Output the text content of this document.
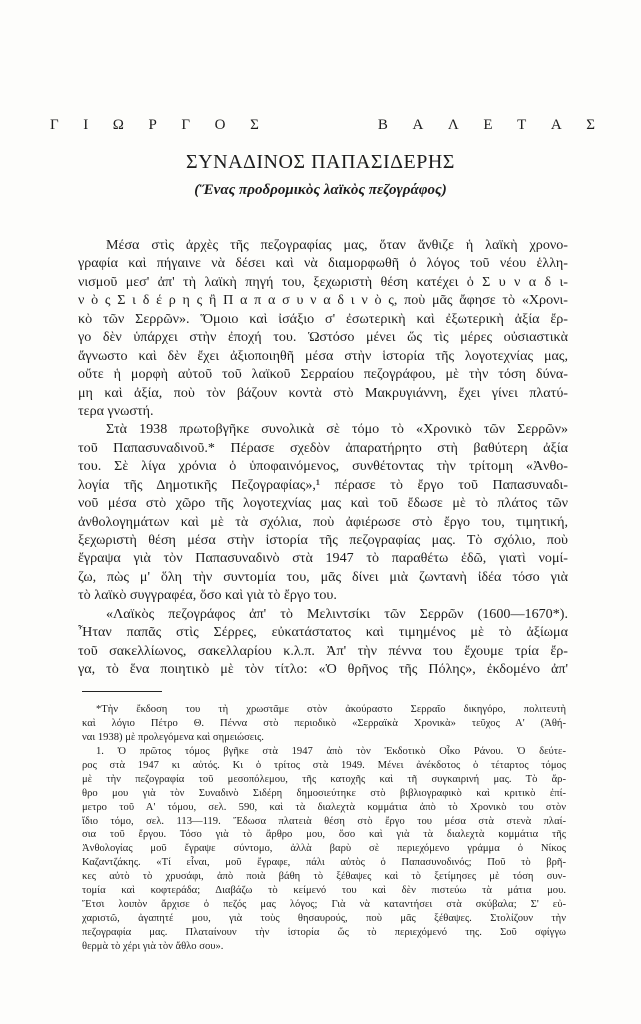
Γ Ι Ω Ρ Γ Ο Σ	Β Α Λ Ε Τ Α Σ
ΣΥΝΑΔΙΝΟΣ ΠΑΠΑΣΙΔΕΡΗΣ
(Ἕνας προδρομικὸς λαϊκὸς πεζογράφος)
Μέσα στὶς ἀρχὲς τῆς πεζογραφίας μας, ὅταν ἄνθιζε ἡ λαϊκὴ χρονο-
γραφία καὶ πήγαινε νὰ δέσει καὶ νὰ διαμορφωθῆ ὁ λόγος τοῦ νέου ἑλλη-
νισμοῦ μεσ' ἀπ' τὴ λαϊκὴ πηγή του, ξεχωριστὴ θέση κατέχει ὁ Σ υ ν α δ ι-
ν ὸ ς Σ ι δ έ ρ η ς ἢ Π α π α σ υ ν α δ ι ν ὸ ς, ποὺ μᾶς ἄφησε τὸ «Χρονι-
κὸ τῶν Σερρῶν». Ὅμοιο καὶ ἰσάξιο σ' ἐσωτερικὴ καὶ ἐξωτερικὴ ἀξία ἔρ-
γο δὲν ὑπάρχει στὴν ἐποχή του. Ὡστόσο μένει ὥς τὶς μέρες οὐσιαστικὰ
ἄγνωστο καὶ δὲν ἔχει ἀξιοποιηθῆ μέσα στὴν ἱστορία τῆς λογοτεχνίας μας,
οὔτε ἡ μορφὴ αὐτοῦ τοῦ λαϊκοῦ Σερραίου πεζογράφου, μὲ τὴν τόση δύνα-
μη καὶ ἀξία, ποὺ τὸν βάζουν κοντὰ στὸ Μακρυγιάννη, ἔχει γίνει πλατύ-
τερα γνωστή.
Στὰ 1938 πρωτοβγῆκε συνολικὰ σὲ τόμο τὸ «Χρονικὸ τῶν Σερρῶν»
τοῦ Παπασυναδινοῦ.* Πέρασε σχεδὸν ἀπαρατήρητο στὴ βαθύτερη ἀξία
του. Σὲ λίγα χρόνια ὁ ὑποφαινόμενος, συνθέτοντας τὴν τρίτομη «Ἀνθο-
λογία τῆς Δημοτικῆς Πεζογραφίας»,¹ πέρασε τὸ ἔργο τοῦ Παπασυναδι-
νοῦ μέσα στὸ χῶρο τῆς λογοτεχνίας μας καὶ τοῦ ἔδωσε μὲ τὸ πλάτος τῶν
ἀνθολογημάτων καὶ μὲ τὰ σχόλια, ποὺ ἀφιέρωσε στὸ ἔργο του, τιμητική,
ξεχωριστὴ θέση μέσα στὴν ἱστορία τῆς πεζογραφίας μας. Τὸ σχόλιο, ποὺ
ἔγραψα γιὰ τὸν Παπασυναδινὸ στὰ 1947 τὸ παραθέτω ἐδῶ, γιατὶ νομί-
ζω, πὼς μ' ὅλη τὴν συντομία του, μᾶς δίνει μιὰ ζωντανὴ ἰδέα τόσο γιὰ
τὸ λαϊκὸ συγγραφέα, ὅσο καὶ γιὰ τὸ ἔργο του.
«Λαϊκὸς πεζογράφος ἀπ' τὸ Μελιντσίκι τῶν Σερρῶν (1600—1670*).
Ἦταν παπᾶς στὶς Σέρρες, εὐκατάστατος καὶ τιμημένος μὲ τὸ ἀξίωμα
τοῦ σακελλίωνος, σακελλαρίου κ.λ.π. Ἀπ' τὴν πέννα του ἔχουμε τρία ἔρ-
γα, τὸ ἕνα ποιητικὸ μὲ τὸν τίτλο: «Ὁ θρῆνος τῆς Πόλης», ἐκδομένο ἀπ'
*Τὴν ἔκδοση του τὴ χρωστᾶμε στὸν ἀκούραστο Σερραῖο δικηγόρο, πολιτευτὴ
καὶ λόγιο Πέτρο Θ. Πέννα στὸ περιοδικὸ «Σερραϊκὰ Χρονικὰ» τεῦχος Α' (Ἀθή-
ναι 1938) μὲ προλεγόμενα καὶ σημειώσεις.
1. Ὁ πρῶτος τόμος βγῆκε στὰ 1947 ἀπὸ τὸν Ἐκδοτικὸ Οἶκο Ράνου. Ὁ δεύτε-
ρος στὰ 1947 κι αὐτός. Κι ὁ τρίτος στὰ 1949. Μένει ἀνέκδοτος ὁ τέταρτος τόμος
μὲ τὴν πεζογραφία τοῦ μεσοπόλεμου, τῆς κατοχῆς καὶ τῆ συγκαιρινή μας. Τὸ ἄρ-
θρο μου γιὰ τὸν Συναδινὸ Σιδέρη δημοσιεύτηκε στὸ βιβλιογραφικὸ καὶ κριτικὸ ἐπί-
μετρο τοῦ Α' τόμου, σελ. 590, καὶ τὰ διαλεχτὰ κομμάτια ἀπὸ τὸ Χρονικὸ του στὸν
ἴδιο τόμο, σελ. 113—119. Ἔδωσα πλατειὰ θέση στὸ ἔργο του μέσα στὰ στενὰ πλαί-
σια τοῦ ἔργου. Τόσο γιὰ τὸ ἄρθρο μου, ὅσο καὶ γιὰ τὰ διαλεχτὰ κομμάτια τῆς
Ἀνθολογίας μοῦ ἔγραψε σύντομο, ἀλλὰ βαρὺ σὲ περιεχόμενο γράμμα ὁ Νίκος
Καζαντζάκης. «Τί εἶναι, μοῦ ἔγραφε, πάλι αὐτὸς ὁ Παπασυνοδινός; Ποῦ τὸ βρῆ-
κες αὐτὸ τὸ χρυσάφι, ἀπὸ ποιὰ βάθη τὸ ξέθαψες καὶ τὸ ξετίμησες μὲ τόση συν-
τομία καὶ κοφτεράδα; Διαβάζω τὸ κείμενό του καὶ δὲν πιστεύω τὰ μάτια μου.
Ἔτσι λοιπὸν ἄρχισε ὁ πεζός μας λόγος; Γιὰ νὰ καταντήσει στὰ σκύβαλα; Σ' εὐ-
χαριστῶ, ἀγαπητέ μου, γιὰ τοὺς θησαυρούς, ποὺ μᾶς ξέθαψες. Στολίζουν τὴν
πεζογραφία μας. Πλαταίνουν τὴν ἱστορία ὥς τὸ περιεχόμενό της. Σοῦ σφίγγω
θερμὰ τὸ χέρι γιὰ τὸν ἄθλο σου».
